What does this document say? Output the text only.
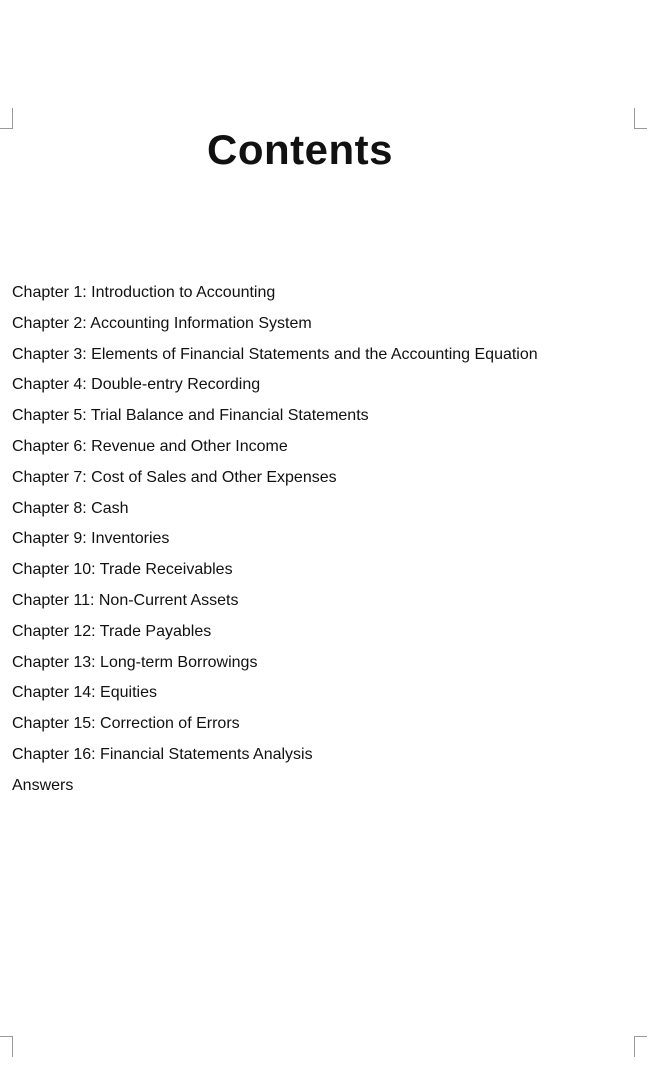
Contents
Chapter 1: Introduction to Accounting
Chapter 2: Accounting Information System
Chapter 3: Elements of Financial Statements and the Accounting Equation
Chapter 4: Double-entry Recording
Chapter 5: Trial Balance and Financial Statements
Chapter 6: Revenue and Other Income
Chapter 7: Cost of Sales and Other Expenses
Chapter 8: Cash
Chapter 9: Inventories
Chapter 10: Trade Receivables
Chapter 11: Non-Current Assets
Chapter 12: Trade Payables
Chapter 13: Long-term Borrowings
Chapter 14: Equities
Chapter 15: Correction of Errors
Chapter 16: Financial Statements Analysis
Answers
